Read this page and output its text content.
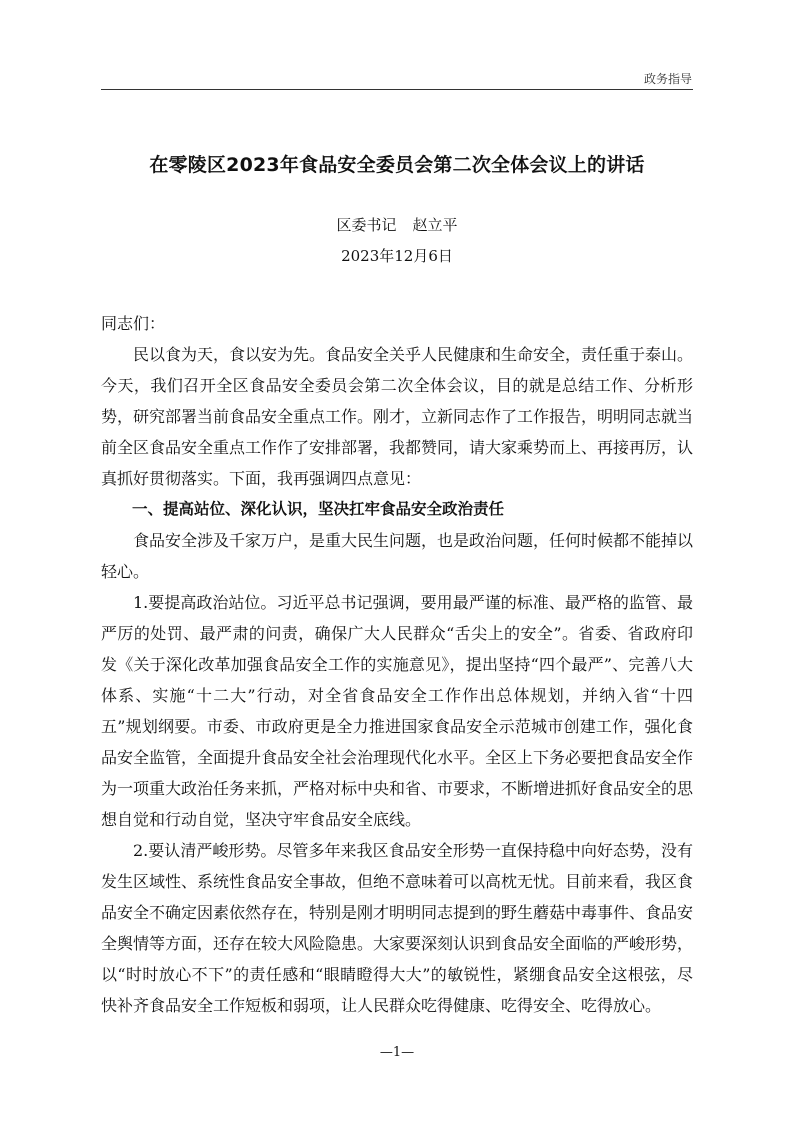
政务指导
在零陵区2023年食品安全委员会第二次全体会议上的讲话
区委书记 赵立平
2023年12月6日

同志们：

民以食为天，食以安为先。食品安全关乎人民健康和生命安全，责任重于泰山。今天，我们召开全区食品安全委员会第二次全体会议，目的就是总结工作、分析形势，研究部署当前食品安全重点工作。刚才，立新同志作了工作报告，明明同志就当前全区食品安全重点工作作了安排部署，我都赞同，请大家乘势而上、再接再厉，认真抓好贯彻落实。下面，我再强调四点意见：

一、提高站位、深化认识，坚决扛牢食品安全政治责任

食品安全涉及千家万户，是重大民生问题，也是政治问题，任何时候都不能掉以轻心。

1.要提高政治站位。习近平总书记强调，要用最严谨的标准、最严格的监管、最严厉的处罚、最严肃的问责，确保广大人民群众“舌尖上的安全”。省委、省政府印发《关于深化改革加强食品安全工作的实施意见》，提出坚持“四个最严”、完善八大体系、实施“十二大”行动，对全省食品安全工作作出总体规划，并纳入省“十四五”规划纲要。市委、市政府更是全力推进国家食品安全示范城市创建工作，强化食品安全监管，全面提升食品安全社会治理现代化水平。全区上下务必要把食品安全作为一项重大政治任务来抓，严格对标中央和省、市要求，不断增进抓好食品安全的思想自觉和行动自觉，坚决守牢食品安全底线。

2.要认清严峻形势。尽管多年来我区食品安全形势一直保持稳中向好态势，没有发生区域性、系统性食品安全事故，但绝不意味着可以高枕无忧。目前来看，我区食品安全不确定因素依然存在，特别是刚才明明同志提到的野生蘑菇中毒事件、食品安全舆情等方面，还存在较大风险隐患。大家要深刻认识到食品安全面临的严峻形势，以“时时放心不下”的责任感和“眼睛瞪得大大”的敏锐性，紧绷食品安全这根弦，尽快补齐食品安全工作短板和弱项，让人民群众吃得健康、吃得安全、吃得放心。

—1—
